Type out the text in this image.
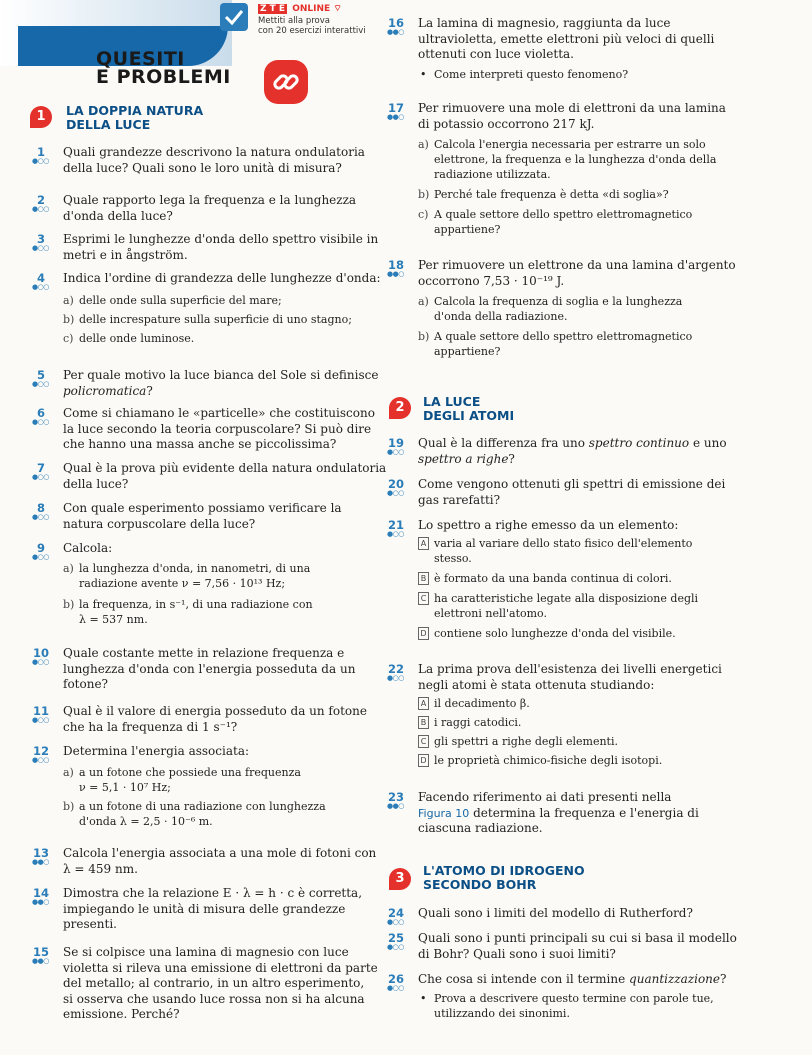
Z T E ONLINE ⌔
Mettiti alla prova
con 20 esercizi interattivi
QUESITI
E PROBLEMI
1	LA DOPPIA NATURA
DELLA LUCE
1
●○○
Quali grandezze descrivono la natura ondulatoria
della luce? Quali sono le loro unità di misura?
2
●○○
Quale rapporto lega la frequenza e la lunghezza
d'onda della luce?
3
●○○
Esprimi le lunghezze d'onda dello spettro visibile in
metri e in ångström.
4
●○○
Indica l'ordine di grandezza delle lunghezze d'onda:
a) delle onde sulla superficie del mare;
b) delle increspature sulla superficie di uno stagno;
c) delle onde luminose.
5
●○○
Per quale motivo la luce bianca del Sole si definisce
policromatica?
6
●○○
Come si chiamano le «particelle» che costituiscono
la luce secondo la teoria corpuscolare? Si può dire
che hanno una massa anche se piccolissima?
7
●○○
Qual è la prova più evidente della natura ondulatoria
della luce?
8
●○○
Con quale esperimento possiamo verificare la
natura corpuscolare della luce?
9
●○○
Calcola:
a) la lunghezza d'onda, in nanometri, di una
radiazione avente ν = 7,56 · 10¹³ Hz;
b) la frequenza, in s⁻¹, di una radiazione con
λ = 537 nm.
10
●○○
Quale costante mette in relazione frequenza e
lunghezza d'onda con l'energia posseduta da un
fotone?
11
●○○
Qual è il valore di energia posseduto da un fotone
che ha la frequenza di 1 s⁻¹?
12
●○○
Determina l'energia associata:
a) a un fotone che possiede una frequenza
ν = 5,1 · 10⁷ Hz;
b) a un fotone di una radiazione con lunghezza
d'onda λ = 2,5 · 10⁻⁶ m.
13
●●○
Calcola l'energia associata a una mole di fotoni con
λ = 459 nm.
14
●●○
Dimostra che la relazione E · λ = h · c è corretta,
impiegando le unità di misura delle grandezze
presenti.
15
●●○
Se si colpisce una lamina di magnesio con luce
violetta si rileva una emissione di elettroni da parte
del metallo; al contrario, in un altro esperimento,
si osserva che usando luce rossa non si ha alcuna
emissione. Perché?
16
●●○
La lamina di magnesio, raggiunta da luce
ultravioletta, emette elettroni più veloci di quelli
ottenuti con luce violetta.
• Come interpreti questo fenomeno?
17
●●○
Per rimuovere una mole di elettroni da una lamina
di potassio occorrono 217 kJ.
a) Calcola l'energia necessaria per estrarre un solo
elettrone, la frequenza e la lunghezza d'onda della
radiazione utilizzata.
b) Perché tale frequenza è detta «di soglia»?
c) A quale settore dello spettro elettromagnetico
appartiene?
18
●●○
Per rimuovere un elettrone da una lamina d'argento
occorrono 7,53 · 10⁻¹⁹ J.
a) Calcola la frequenza di soglia e la lunghezza
d'onda della radiazione.
b) A quale settore dello spettro elettromagnetico
appartiene?
2	LA LUCE
DEGLI ATOMI
19
●○○
Qual è la differenza fra uno spettro continuo e uno
spettro a righe?
20
●○○
Come vengono ottenuti gli spettri di emissione dei
gas rarefatti?
21
●○○
Lo spettro a righe emesso da un elemento:
A varia al variare dello stato fisico dell'elemento
stesso.
B è formato da una banda continua di colori.
C ha caratteristiche legate alla disposizione degli
elettroni nell'atomo.
D contiene solo lunghezze d'onda del visibile.
22
●○○
La prima prova dell'esistenza dei livelli energetici
negli atomi è stata ottenuta studiando:
A il decadimento β.
B i raggi catodici.
C gli spettri a righe degli elementi.
D le proprietà chimico-fisiche degli isotopi.
23
●●○
Facendo riferimento ai dati presenti nella
Figura 10 determina la frequenza e l'energia di
ciascuna radiazione.
3
L'ATOMO DI IDROGENO
SECONDO BOHR
24
●○○
Quali sono i limiti del modello di Rutherford?
25
●○○
Quali sono i punti principali su cui si basa il modello
di Bohr? Quali sono i suoi limiti?
26
●○○
Che cosa si intende con il termine quantizzazione?
• Prova a descrivere questo termine con parole tue,
utilizzando dei sinonimi.
